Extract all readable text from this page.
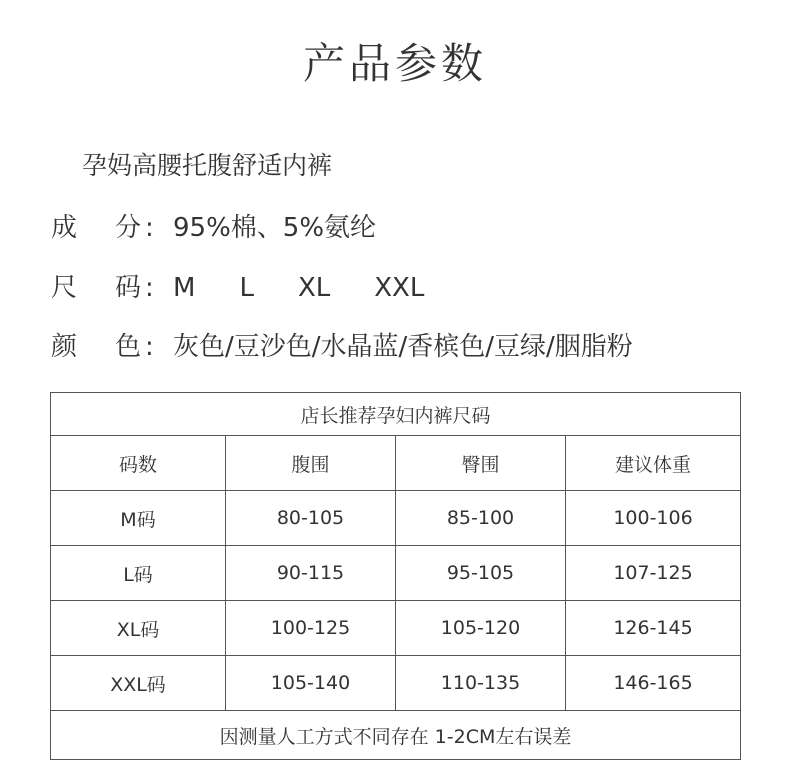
产品参数
孕妈高腰托腹舒适内裤
成 分 : 95%棉、5%氨纶
尺 码 : M L XL XXL
颜 色 : 灰色/豆沙色/水晶蓝/香槟色/豆绿/胭脂粉
店长推荐孕妇内裤尺码			
码数	腹围	臀围	建议体重
M码	80-105	85-100	100-106
L码	90-115	95-105	107-125
XL码	100-125	105-120	126-145
XXL码	105-140	110-135	146-165
因测量人工方式不同存在 1-2CM左右误差			
